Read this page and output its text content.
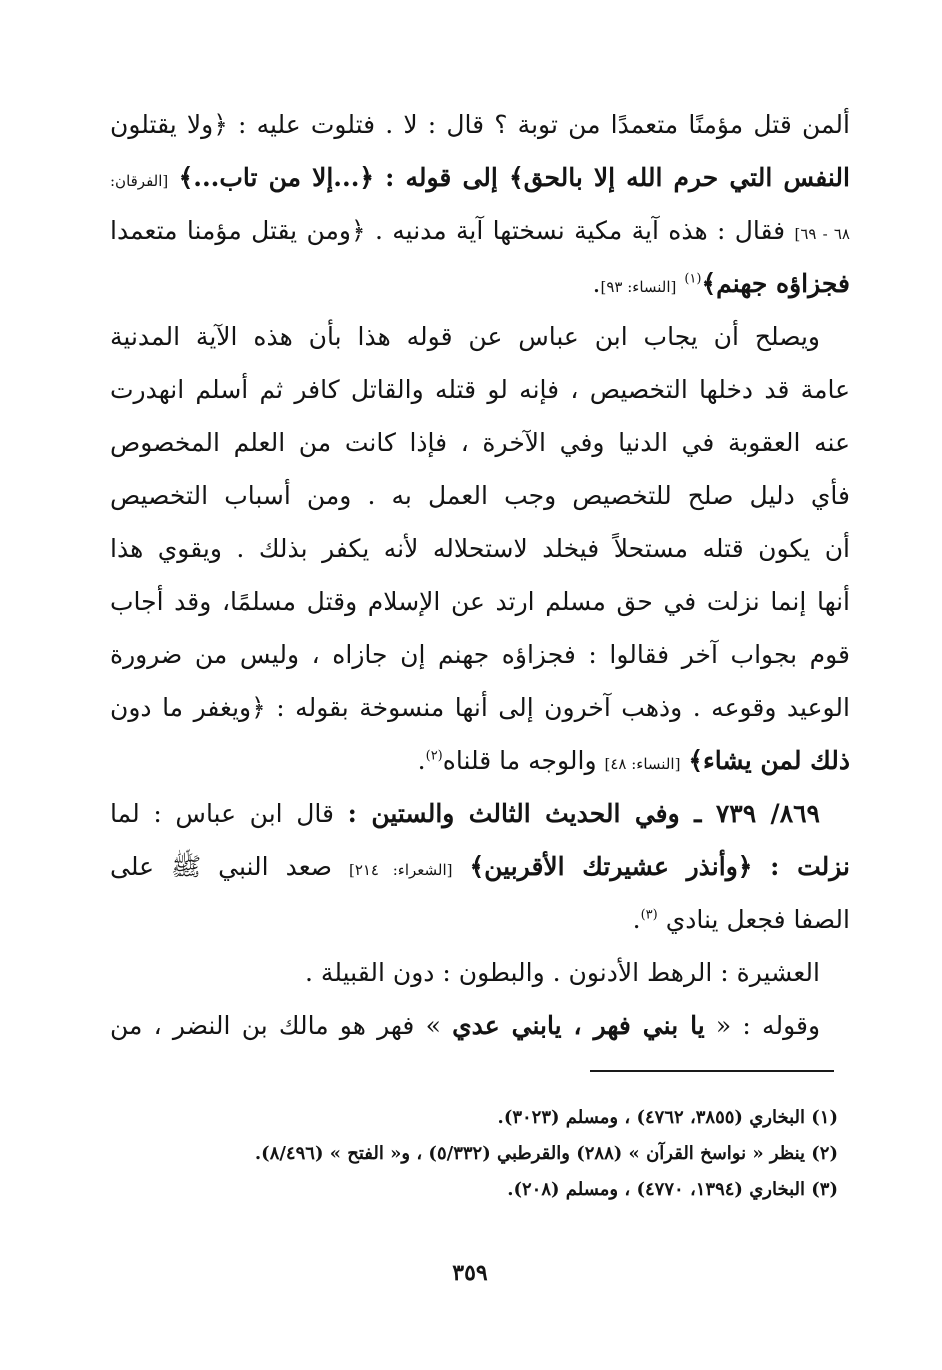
ألمن قتل مؤمنًا متعمدًا من توبة ؟ قال : لا . فتلوت عليه : ﴿ولا يقتلون
النفس التي حرم الله إلا بالحق﴾ إلى قوله : ﴿...إلا من تاب...﴾ [الفرقان:
٦٨ - ٦٩] فقال : هذه آية مكية نسختها آية مدنيه . ﴿ومن يقتل مؤمنا متعمدا
فجزاؤه جهنم﴾$^{(١)}$ [النساء: ٩٣].
ويصلح أن يجاب ابن عباس عن قوله هذا بأن هذه الآية المدنية
عامة قد دخلها التخصيص ، فإنه لو قتله والقاتل كافر ثم أسلم انهدرت
عنه العقوبة في الدنيا وفي الآخرة ، فإذا كانت من العلم المخصوص
فأي دليل صلح للتخصيص وجب العمل به . ومن أسباب التخصيص
أن يكون قتله مستحلاً فيخلد لاستحلاله لأنه يكفر بذلك . ويقوي هذا
أنها إنما نزلت في حق مسلم ارتد عن الإسلام وقتل مسلمًا، وقد أجاب
قوم بجواب آخر فقالوا : فجزاؤه جهنم إن جازاه ، وليس من ضرورة
الوعيد وقوعه . وذهب آخرون إلى أنها منسوخة بقوله : ﴿ويغفر ما دون
ذلك لمن يشاء﴾ [النساء: ٤٨] والوجه ما قلناه$^{(٢)}$.
٨٦٩/ ٧٣٩ ـ وفي الحديث الثالث والستين : قال ابن عباس : لما
نزلت : ﴿وأنذر عشيرتك الأقربين﴾ [الشعراء: ٢١٤] صعد النبي ﷺ على
الصفا فجعل ينادي $^{(٣)}$.
العشيرة : الرهط الأدنون . والبطون : دون القبيلة .
وقوله : « يا بني فهر ، يابني عدي » فهر هو مالك بن النضر ، من
(١) البخاري (٣٨٥٥، ٤٧٦٢) ، ومسلم (٣٠٢٣).
(٢) ينظر « نواسخ القرآن » (٢٨٨) والقرطبي (٥/٣٣٢) ، و« الفتح » (٨/٤٩٦).
(٣) البخاري (١٣٩٤، ٤٧٧٠) ، ومسلم (٢٠٨).
٣٥٩
